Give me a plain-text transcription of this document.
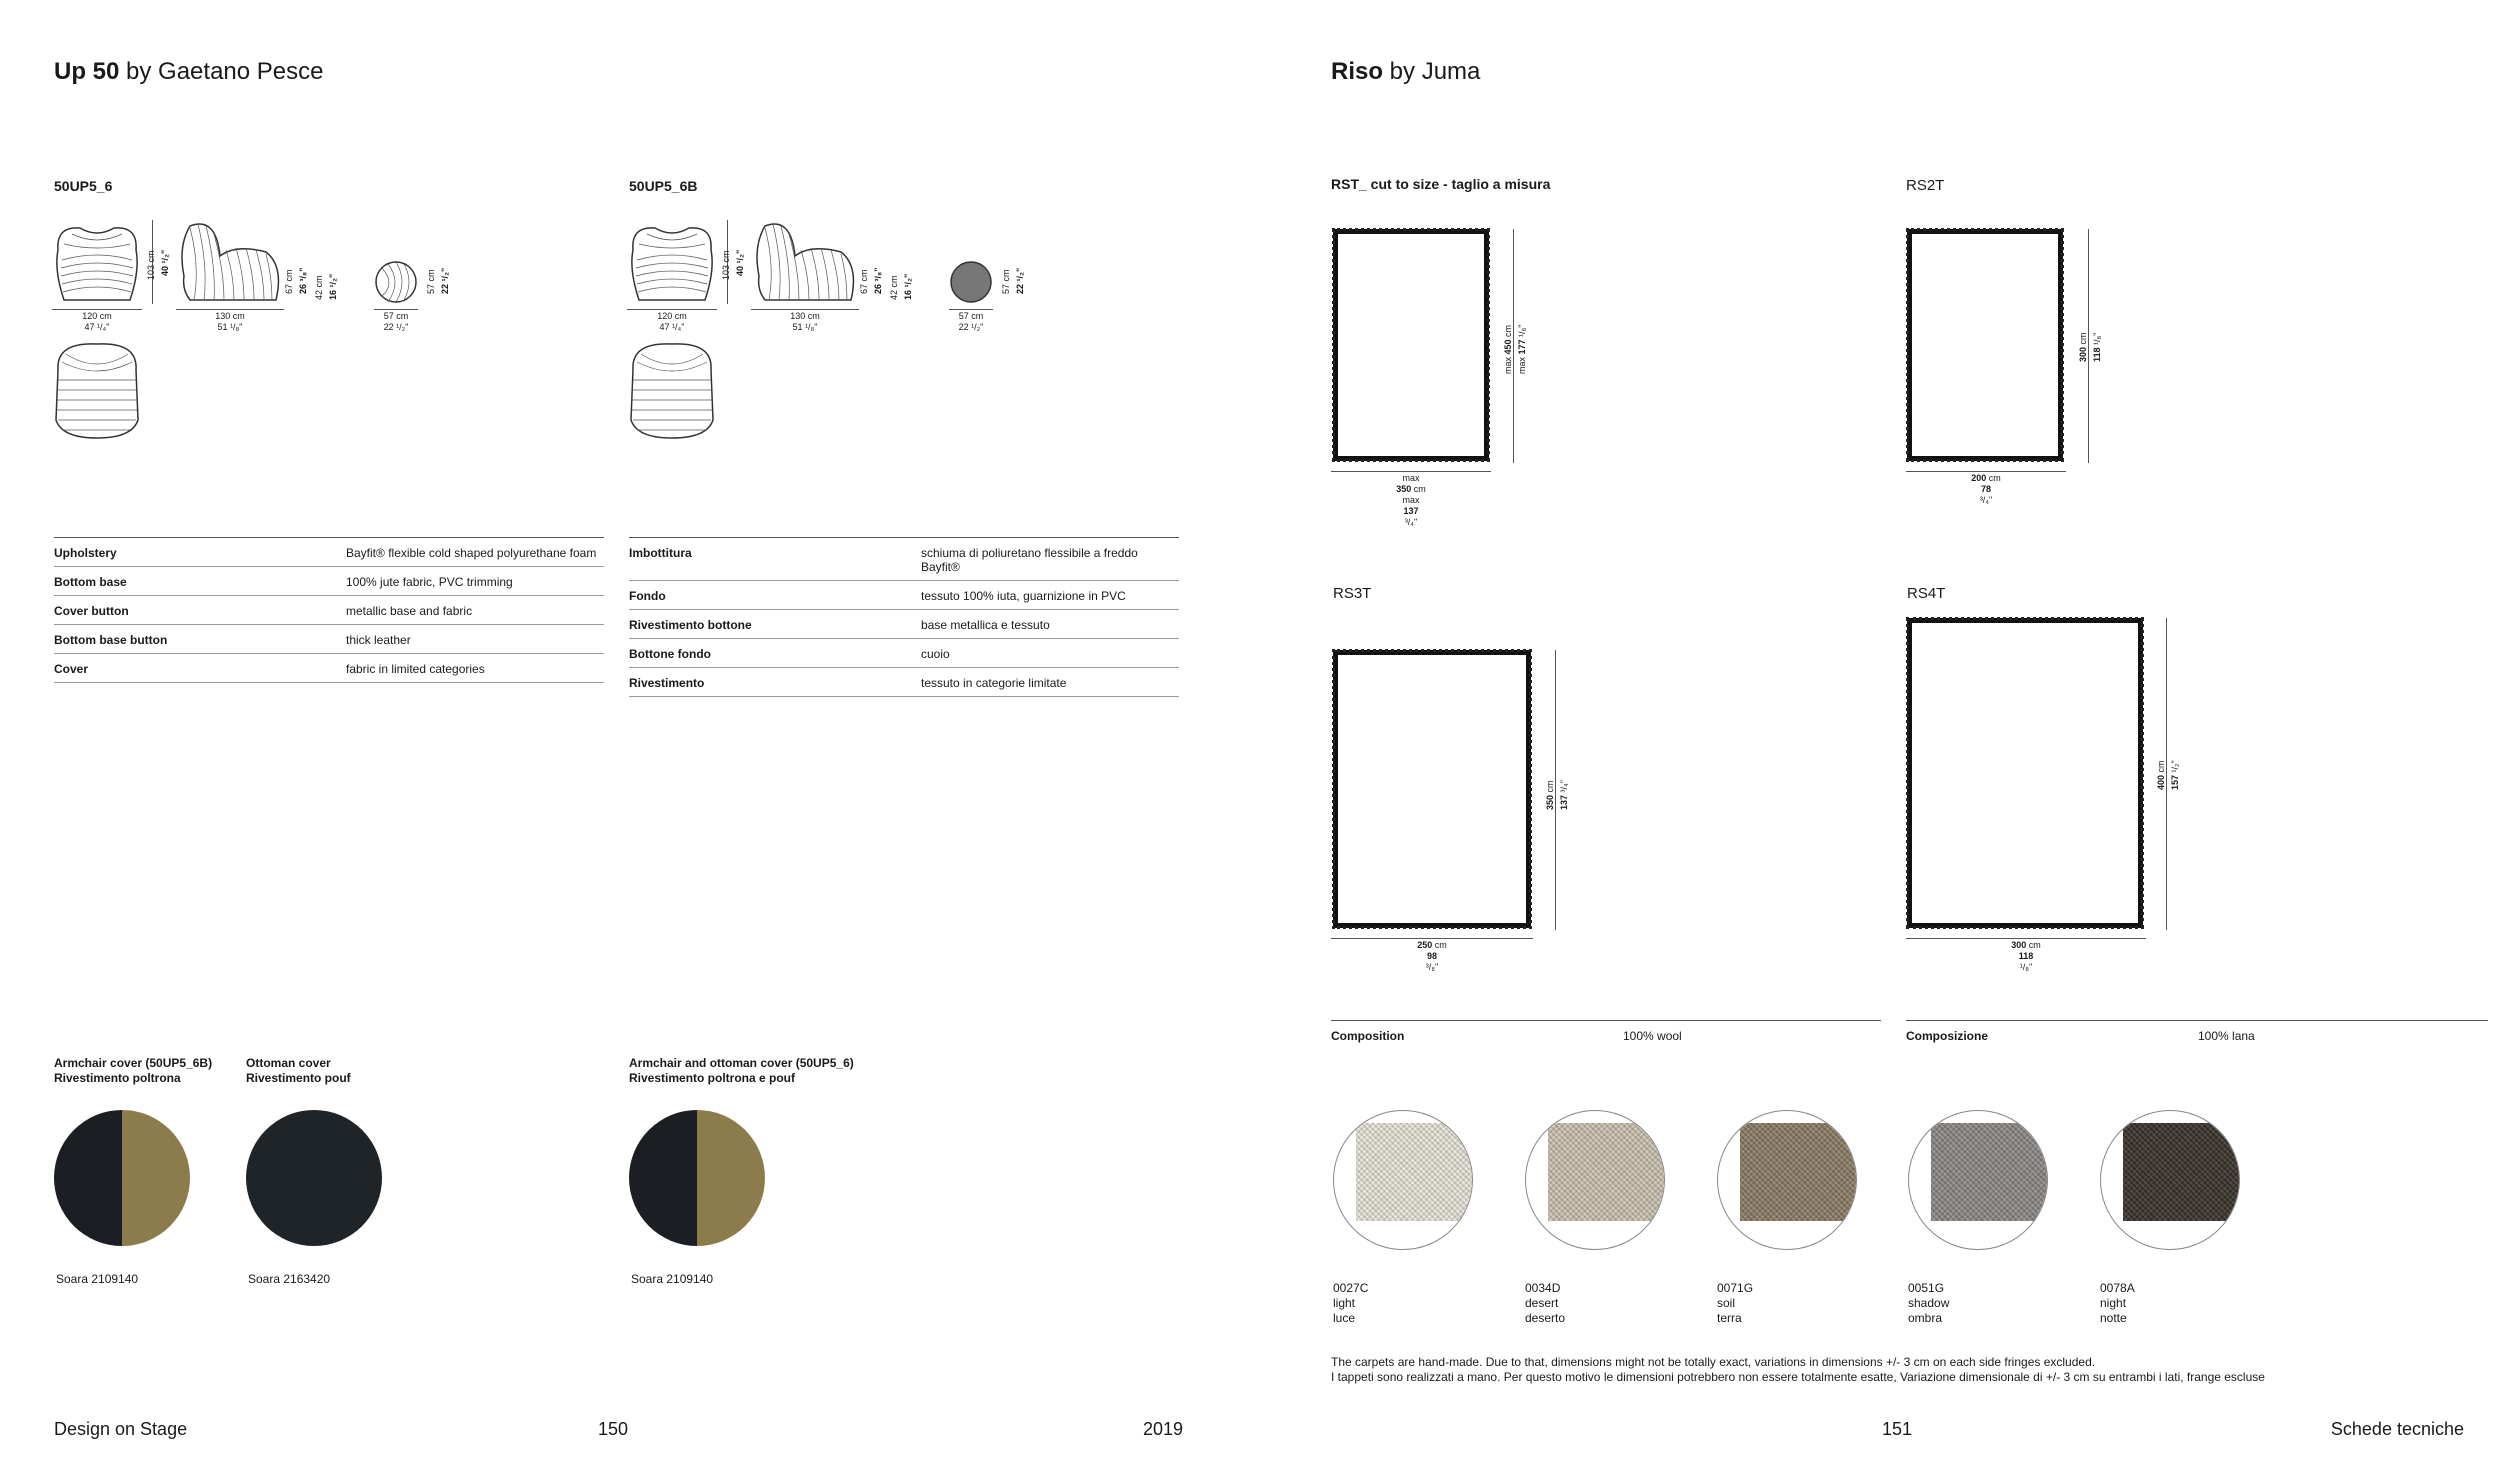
Up 50 by Gaetano Pesce
50UP5_6	50UP5_6B
120 cm
47 ¹/₄"
103 cm 40 ¹/₂"
130 cm
51 ¹/₈"
67 cm 26 ³/₈" 42 cm 16 ¹/₂"
57 cm
22 ¹/₂"
57 cm 22 ¹/₂"
120 cm
47 ¹/₄"
103 cm 40 ¹/₂"
130 cm
51 ¹/₈"
67 cm 26 ³/₈" 42 cm 16 ¹/₂"
57 cm
22 ¹/₂"
57 cm 22 ¹/₂"
Upholstery	Bayfit® flexible cold shaped polyurethane foam
Bottom base	100% jute fabric, PVC trimming
Cover button	metallic base and fabric
Bottom base button	thick leather
Cover	fabric in limited categories
Imbottitura	schiuma di poliuretano flessibile a freddo Bayfit®
Fondo	tessuto 100% iuta, guarnizione in PVC
Rivestimento bottone	base metallica e tessuto
Bottone fondo	cuoio
Rivestimento	tessuto in categorie limitate
Armchair cover (50UP5_6B)
Rivestimento poltrona
Soara 2109140
Ottoman cover
Rivestimento pouf
Soara 2163420
Armchair and ottoman cover (50UP5_6)
Rivestimento poltrona e pouf
Soara 2109140
Design on Stage	150	2019
Riso by Juma
RST_ cut to size - taglio a misura
max
350 cm
max
137
³/₄"
max 450 cm
max 177 ¹/₈"
RS2T
200 cm
78
³/₄"
300 cm
118 ¹/₈"
RS3T
250 cm
98
³/₈"
350 cm
137 ³/₄"
RS4T
300 cm
118
¹/₈"
400 cm
157 ¹/₂"
Composition	100% wool	Composizione	100% lana
0027C
light
luce
0034D
desert
deserto
0071G
soil
terra
0051G
shadow
ombra
0078A
night
notte
The carpets are hand-made. Due to that, dimensions might not be totally exact, variations in dimensions +/- 3 cm on each side fringes excluded.
I tappeti sono realizzati a mano. Per questo motivo le dimensioni potrebbero non essere totalmente esatte, Variazione dimensionale di +/- 3 cm su entrambi i lati, frange escluse
151	Schede tecniche
